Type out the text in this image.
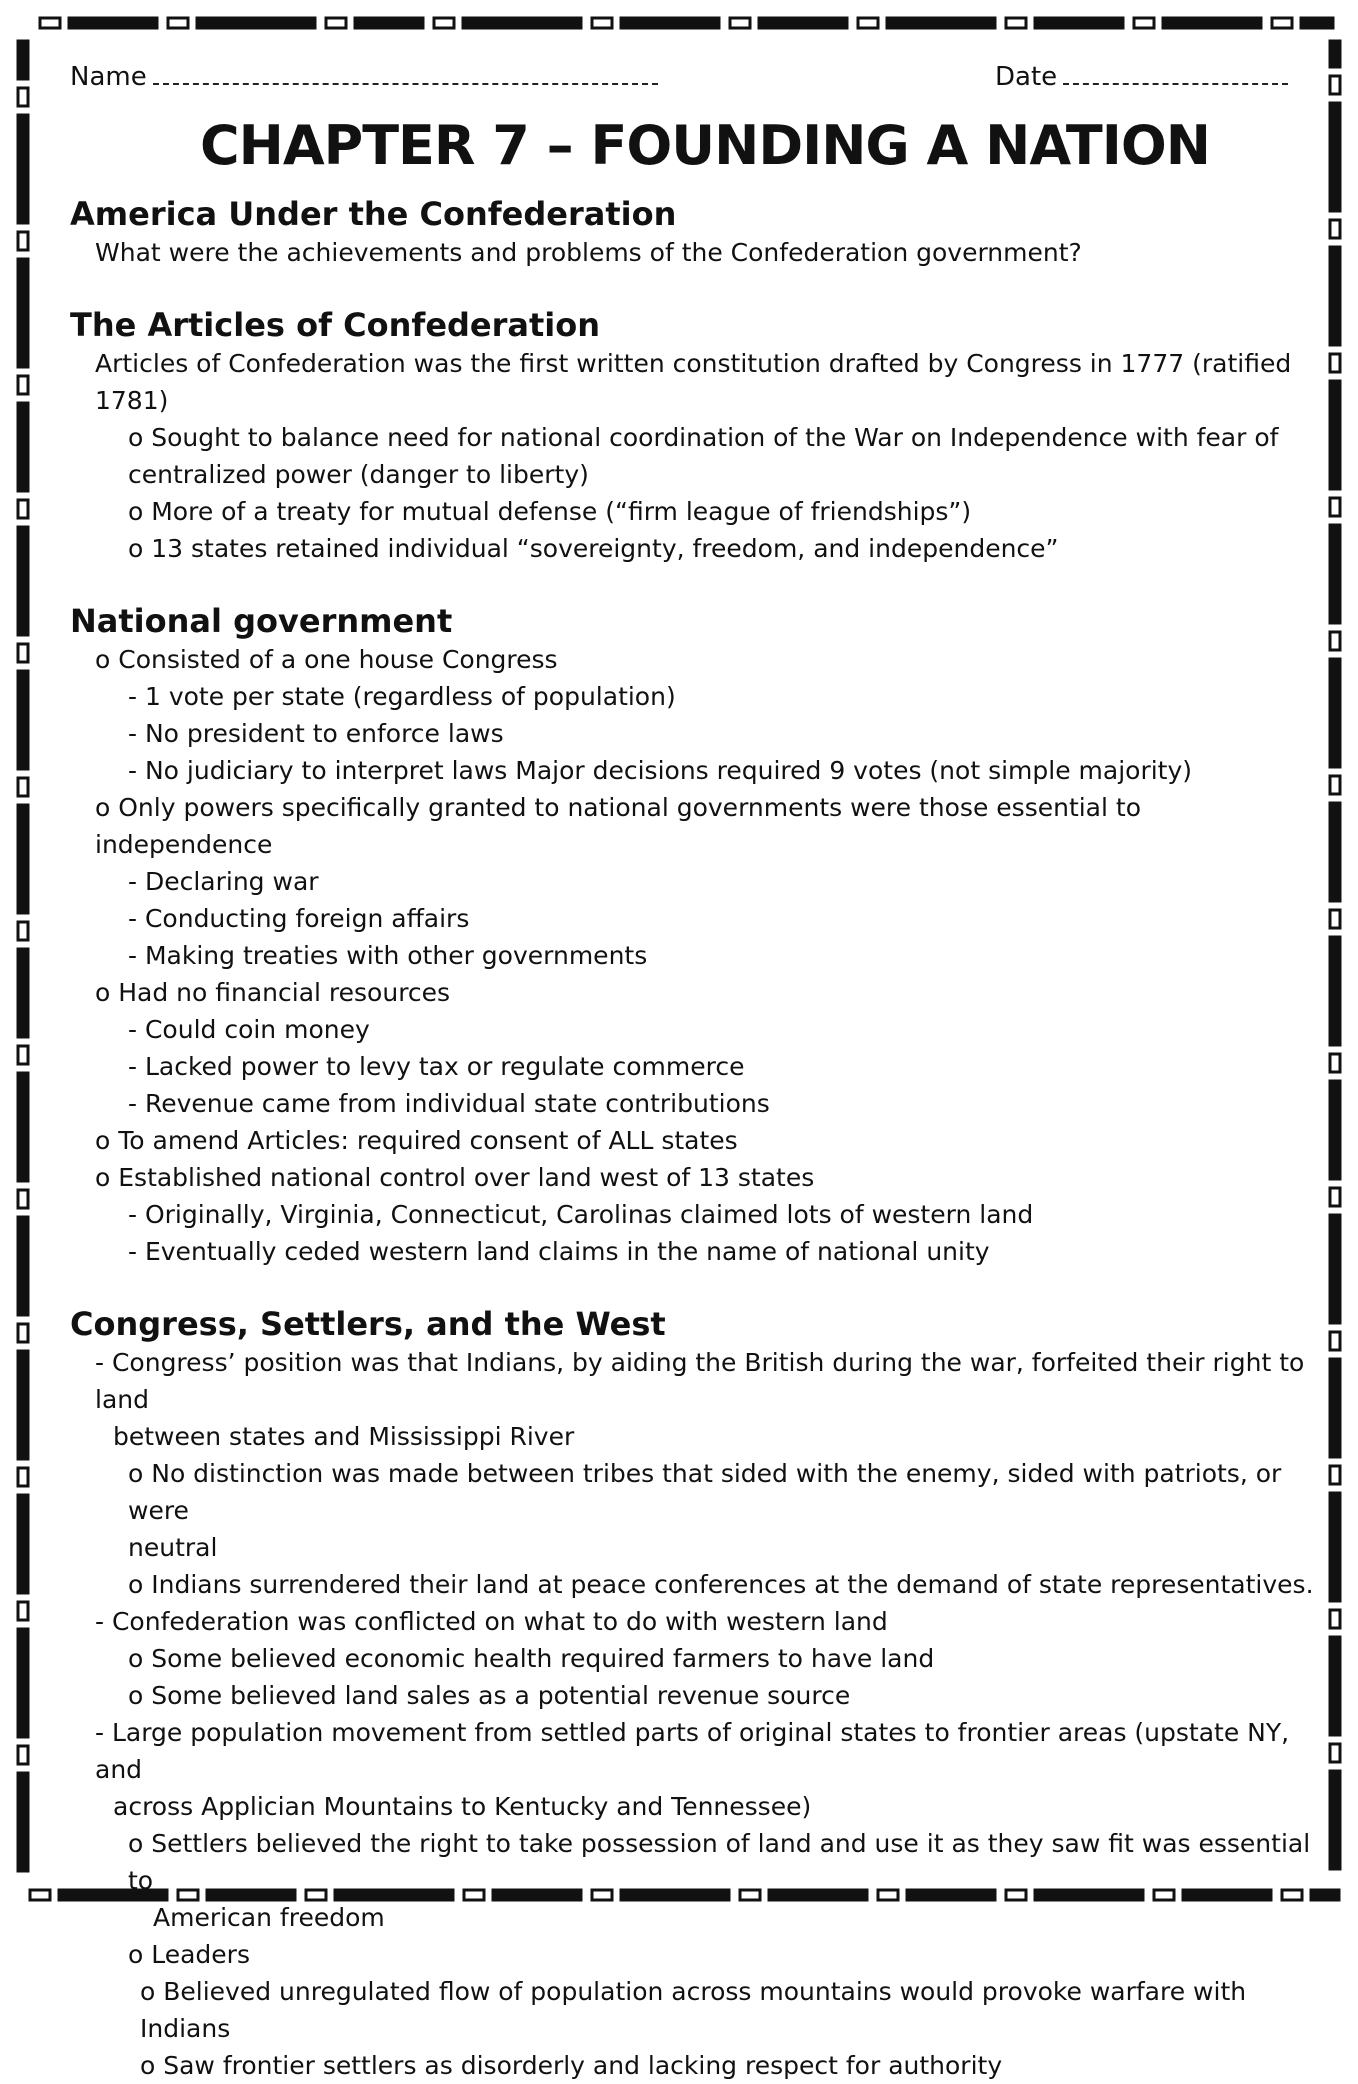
Name	Date
CHAPTER 7 – FOUNDING A NATION

America Under the Confederation

What were the achievements and problems of the Confederation government?

The Articles of Confederation

Articles of Confederation was the first written constitution drafted by Congress in 1777 (ratified 1781)

o Sought to balance need for national coordination of the War on Independence with fear of

centralized power (danger to liberty)

o More of a treaty for mutual defense (“firm league of friendships”)

o 13 states retained individual “sovereignty, freedom, and independence”

National government

o Consisted of a one house Congress

- 1 vote per state (regardless of population)

- No president to enforce laws

- No judiciary to interpret laws Major decisions required 9 votes (not simple majority)

o Only powers specifically granted to national governments were those essential to independence

- Declaring war

- Conducting foreign affairs

- Making treaties with other governments

o Had no financial resources

- Could coin money

- Lacked power to levy tax or regulate commerce

- Revenue came from individual state contributions

o To amend Articles: required consent of ALL states

o Established national control over land west of 13 states

- Originally, Virginia, Connecticut, Carolinas claimed lots of western land

- Eventually ceded western land claims in the name of national unity

Congress, Settlers, and the West

- Congress’ position was that Indians, by aiding the British during the war, forfeited their right to land

between states and Mississippi River

o No distinction was made between tribes that sided with the enemy, sided with patriots, or were

neutral

o Indians surrendered their land at peace conferences at the demand of state representatives.

- Confederation was conflicted on what to do with western land

o Some believed economic health required farmers to have land

o Some believed land sales as a potential revenue source

- Large population movement from settled parts of original states to frontier areas (upstate NY, and

across Applician Mountains to Kentucky and Tennessee)

o Settlers believed the right to take possession of land and use it as they saw fit was essential to

American freedom

o Leaders

o Believed unregulated flow of population across mountains would provoke warfare with Indians

o Saw frontier settlers as disorderly and lacking respect for authority
